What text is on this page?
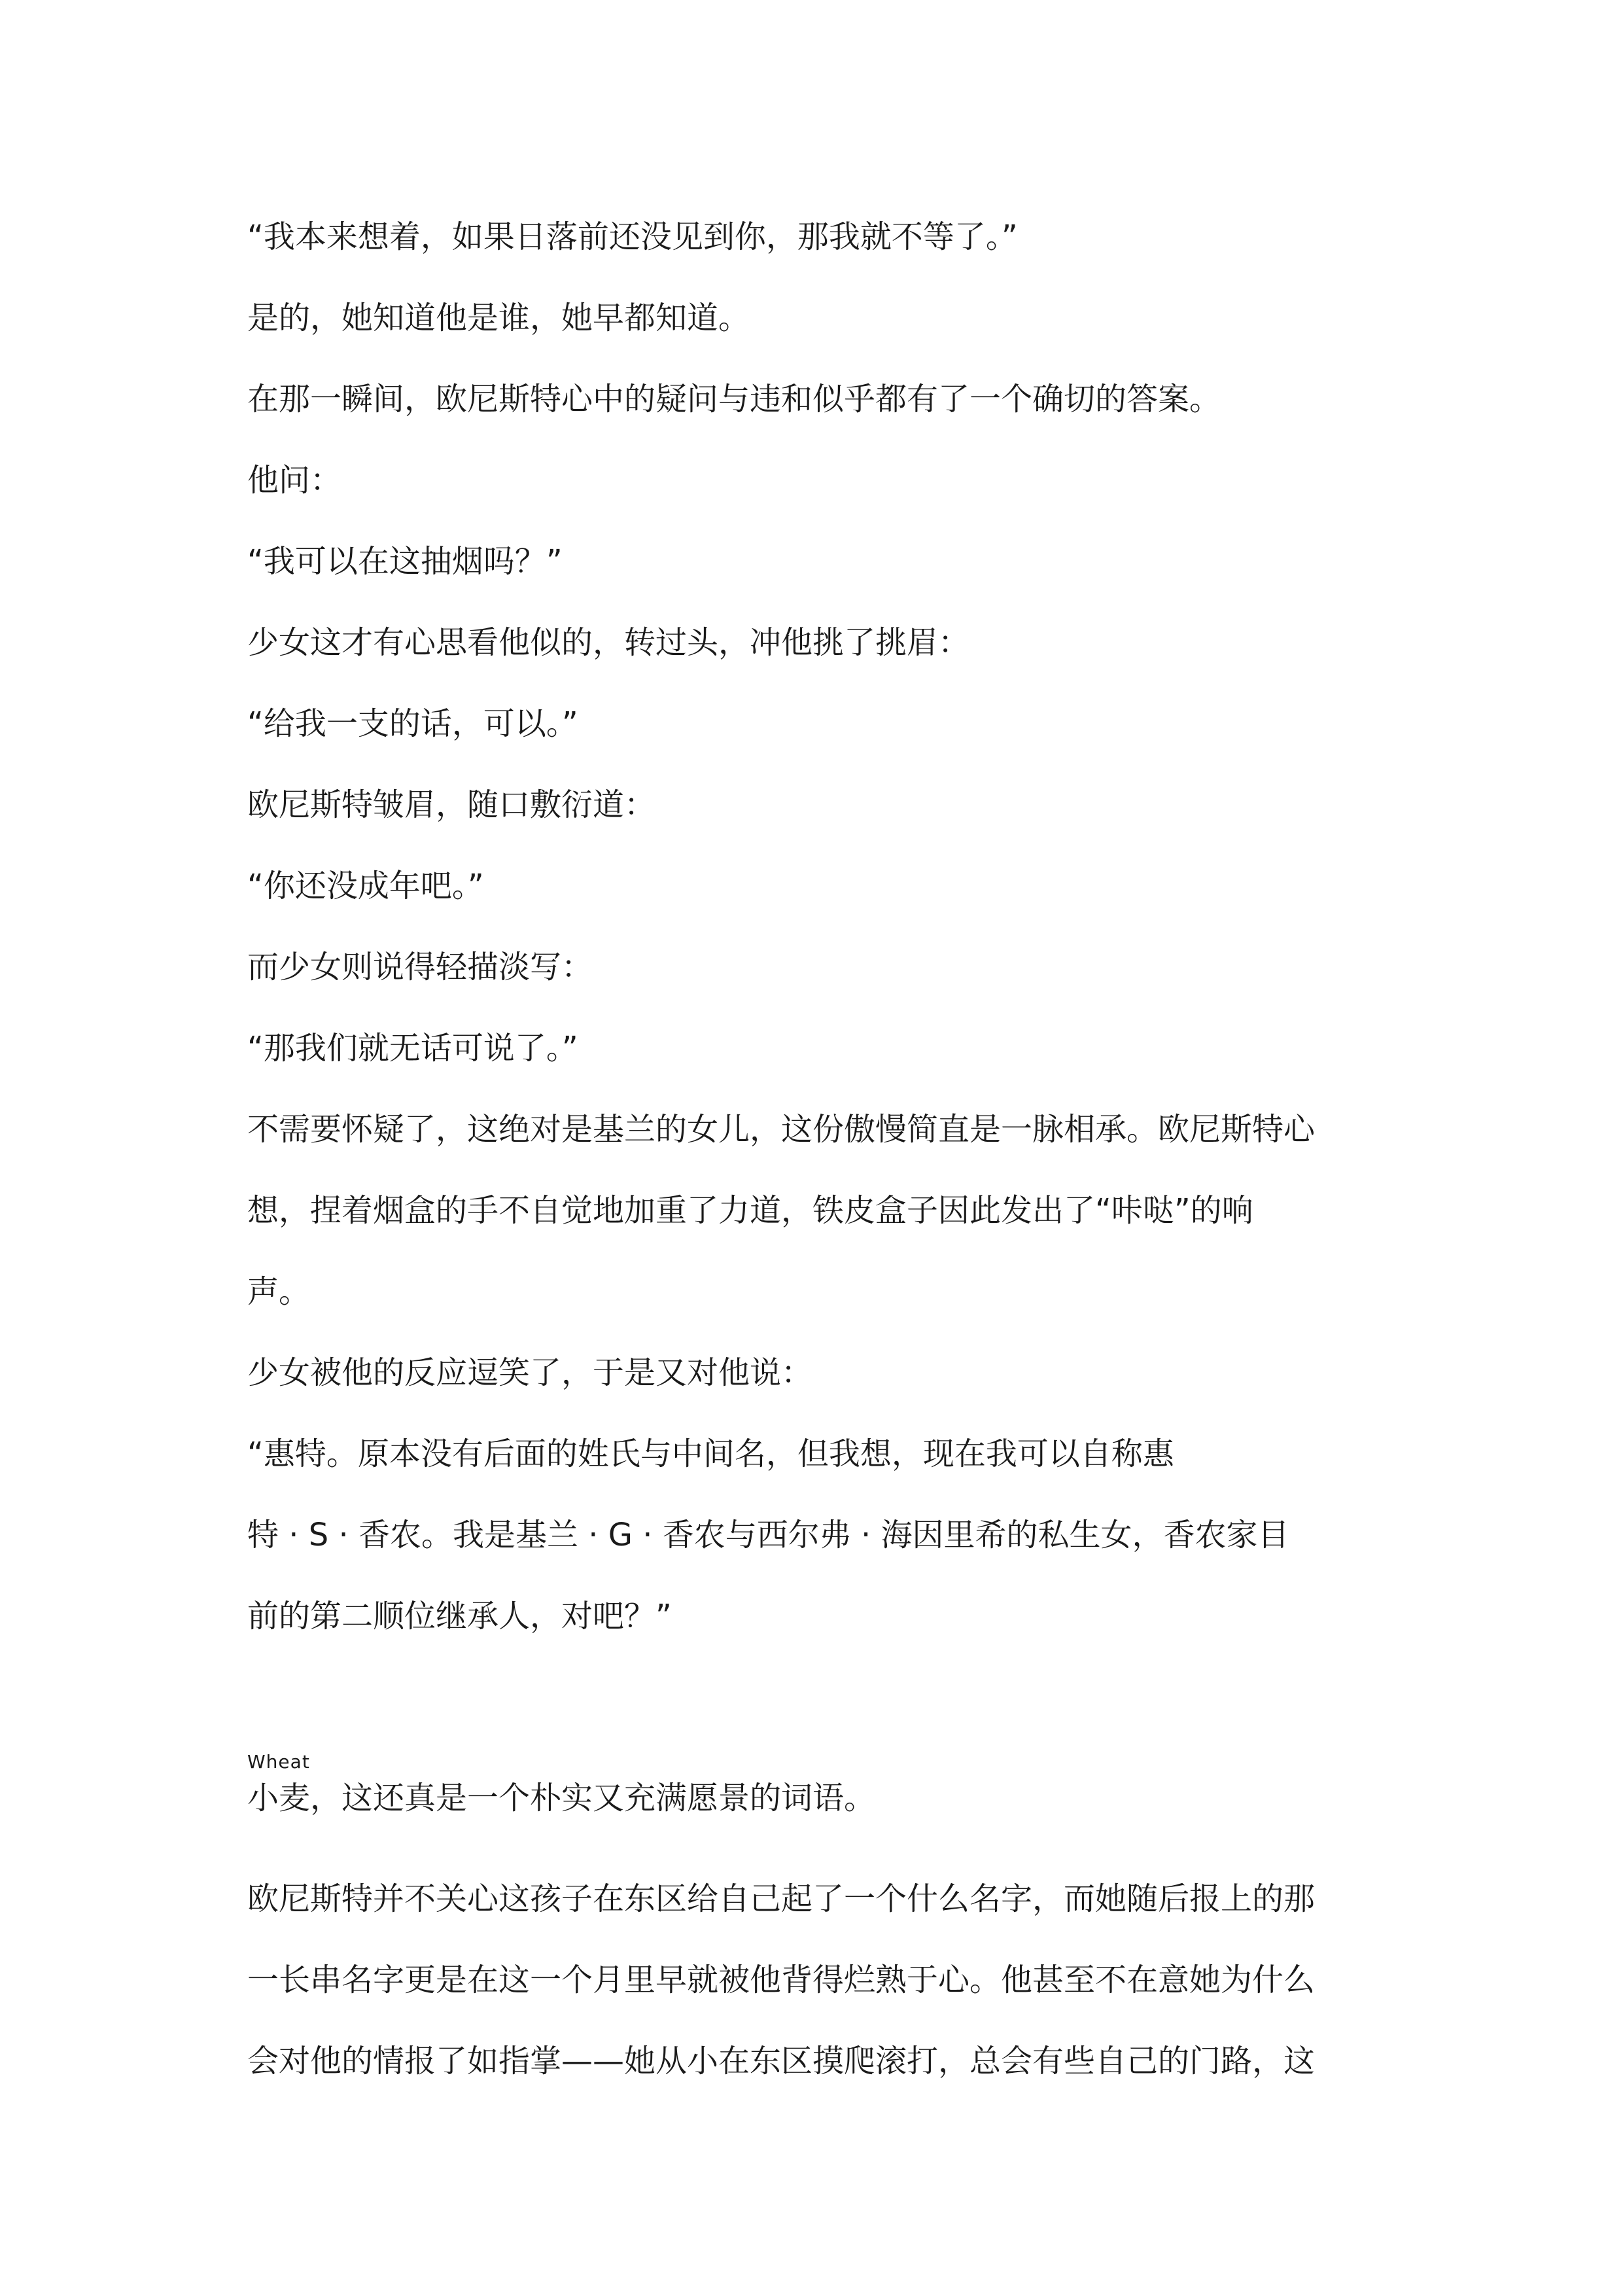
“我本来想着，如果日落前还没见到你，那我就不等了。”

是的，她知道他是谁，她早都知道。

在那一瞬间，欧尼斯特心中的疑问与违和似乎都有了一个确切的答案。

他问：

“我可以在这抽烟吗？”

少女这才有心思看他似的，转过头，冲他挑了挑眉：

“给我一支的话，可以。”

欧尼斯特皱眉，随口敷衍道：

“你还没成年吧。”

而少女则说得轻描淡写：

“那我们就无话可说了。”

不需要怀疑了，这绝对是基兰的女儿，这份傲慢简直是一脉相承。欧尼斯特心

想，捏着烟盒的手不自觉地加重了力道，铁皮盒子因此发出了“咔哒”的响

声。

少女被他的反应逗笑了，于是又对他说：

“惠特。原本没有后面的姓氏与中间名，但我想，现在我可以自称惠

特 · S · 香农。我是基兰 · G · 香农与西尔弗 · 海因里希的私生女，香农家目

前的第二顺位继承人，对吧？”

Wheat
小麦，这还真是一个朴实又充满愿景的词语。

欧尼斯特并不关心这孩子在东区给自己起了一个什么名字，而她随后报上的那

一长串名字更是在这一个月里早就被他背得烂熟于心。他甚至不在意她为什么

会对他的情报了如指掌——她从小在东区摸爬滚打，总会有些自己的门路，这
